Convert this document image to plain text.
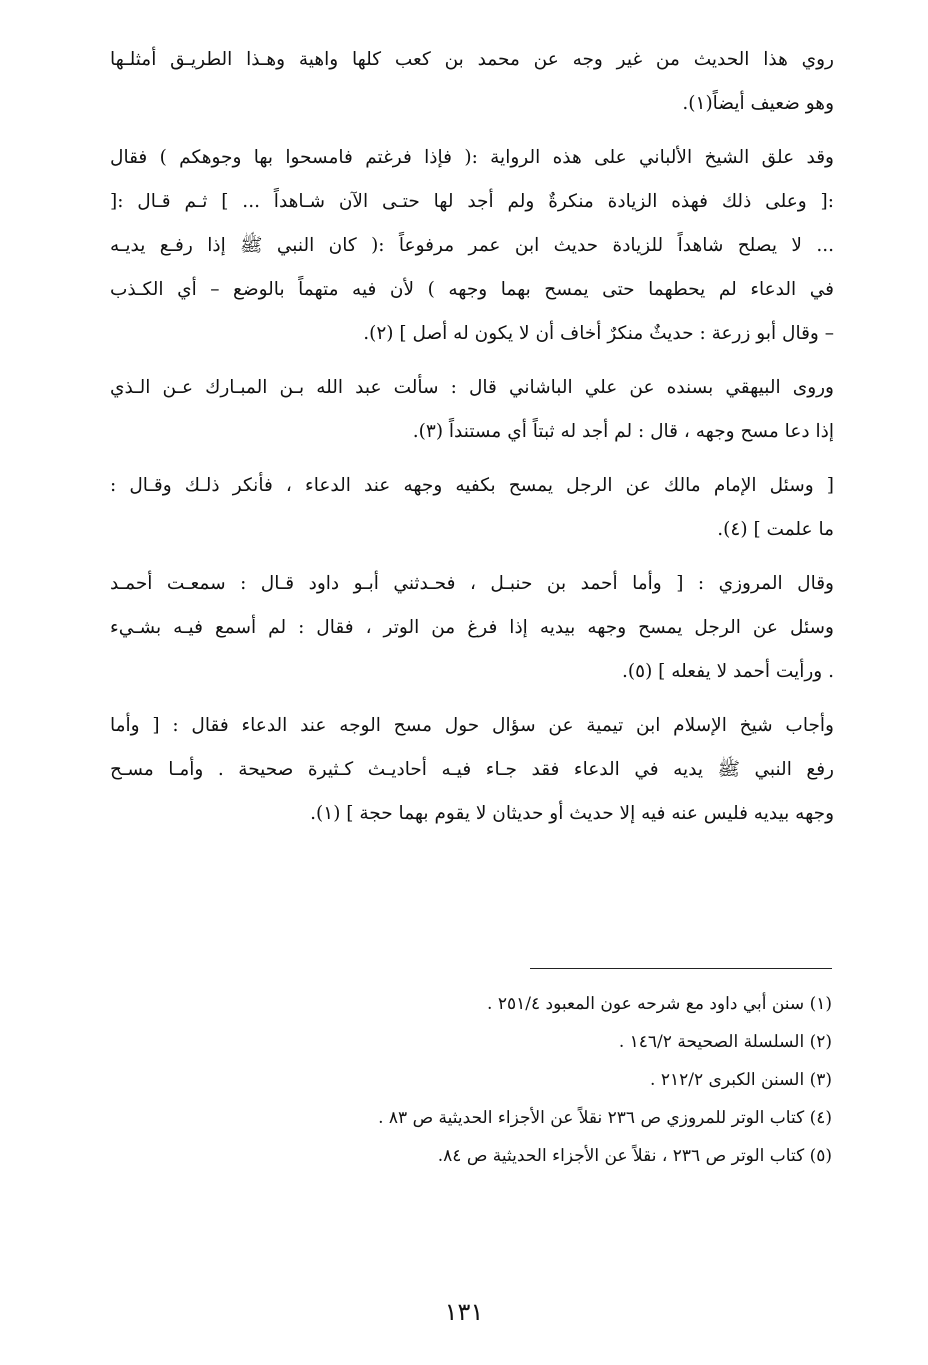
روي هذا الحديث من غير وجه عن محمد بن كعب كلها واهية وهـذا الطريـق أمثلـها
وهو ضعيف أيضاً(١).
وقد علق الشيخ الألباني على هذه الرواية :( فإذا فرغتم فامسحوا بها وجوهكم ) فقال
:[ وعلى ذلك فهذه الزيادة منكرةٌ ولم أجد لها حتـى الآن شـاهداً ... ] ثـم قـال :[
... لا يصلح شاهداً للزيادة حديث ابن عمر مرفوعاً :( كان النبي ﷺ إذا رفـع يديـه
في الدعاء لم يحطهما حتى يمسح بهما وجهه ) لأن فيه متهماً بالوضع – أي الكـذب
– وقال أبو زرعة : حديثٌ منكرٌ أخاف أن لا يكون له أصل ] (٢).
وروى البيهقي بسنده عن علي الباشاني قال : سألت عبد الله بـن المبـارك عـن الـذي
إذا دعا مسح وجهه ، قال : لم أجد له ثبتاً أي مستنداً (٣).
[ وسئل الإمام مالك عن الرجل يمسح بكفيه وجهه عند الدعاء ، فأنكر ذلـك وقـال :
ما علمت ] (٤).
وقال المروزي : [ وأما أحمد بن حنبـل ، فحـدثني أبـو داود قـال : سمعـت أحمـد
وسئل عن الرجل يمسح وجهه بيديه إذا فرغ من الوتر ، فقال : لم أسمع فيـه بشـيء
. ورأيت أحمد لا يفعله ] (٥).
وأجاب شيخ الإسلام ابن تيمية عن سؤال حول مسح الوجه عند الدعاء فقال : [ وأما
رفع النبي ﷺ يديه في الدعاء فقد جـاء فيـه أحاديـث كـثيرة صحيحة . وأمـا مسـح
وجهه بيديه فليس عنه فيه إلا حديث أو حديثان لا يقوم بهما حجة ] (١).
(١) سنن أبي داود مع شرحه عون المعبود ٢٥١/٤ .
(٢) السلسلة الصحيحة ١٤٦/٢ .
(٣) السنن الكبرى ٢١٢/٢ .
(٤) كتاب الوتر للمروزي ص ٢٣٦ نقلاً عن الأجزاء الحديثية ص ٨٣ .
(٥) كتاب الوتر ص ٢٣٦ ، نقلاً عن الأجزاء الحديثية ص ٨٤.
١٣١
